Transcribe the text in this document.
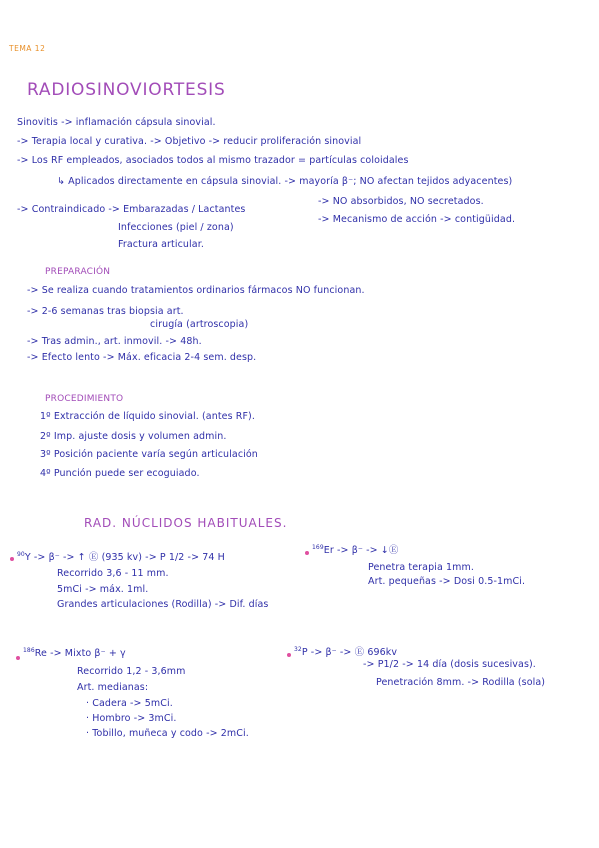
TEMA 12
RADIOSINOVIORTESIS
Sinovitis -> inflamación cápsula sinovial.
-> Terapia local y curativa. -> Objetivo -> reducir proliferación sinovial
-> Los RF empleados, asociados todos al mismo trazador = partículas coloidales
↳ Aplicados directamente en cápsula sinovial. -> mayoría β⁻; NO afectan tejidos adyacentes)
-> NO absorbidos, NO secretados.
-> Mecanismo de acción -> contigüidad.
-> Contraindicado -> Embarazadas / Lactantes
Infecciones (piel / zona)
Fractura articular.
PREPARACIÓN
-> Se realiza cuando tratamientos ordinarios fármacos NO funcionan.
-> 2-6 semanas tras biopsia art.
cirugía (artroscopia)
-> Tras admin., art. inmovil. -> 48h.
-> Efecto lento -> Máx. eficacia 2-4 sem. desp.
PROCEDIMIENTO
1º Extracción de líquido sinovial. (antes RF).
2º Imp. ajuste dosis y volumen admin.
3º Posición paciente varía según articulación
4º Punción puede ser ecoguiado.
RAD. NÚCLIDOS HABITUALES.
$^{90}$Y -> β⁻ -> ↑ Ⓔ (935 kv) -> P 1/2 -> 74 H
Recorrido 3,6 - 11 mm.
5mCi -> máx. 1ml.
Grandes articulaciones (Rodilla) -> Dif. días
$^{169}$Er -> β⁻ -> ↓Ⓔ
Penetra terapia 1mm.
Art. pequeñas -> Dosi 0.5-1mCi.
$^{186}$Re -> Mixto β⁻ + γ
Recorrido 1,2 - 3,6mm
Art. medianas:
· Cadera -> 5mCi.
· Hombro -> 3mCi.
· Tobillo, muñeca y codo -> 2mCi.
$^{32}$P -> β⁻ -> Ⓔ 696kv
-> P1/2 -> 14 día (dosis sucesivas).
Penetración 8mm. -> Rodilla (sola)
